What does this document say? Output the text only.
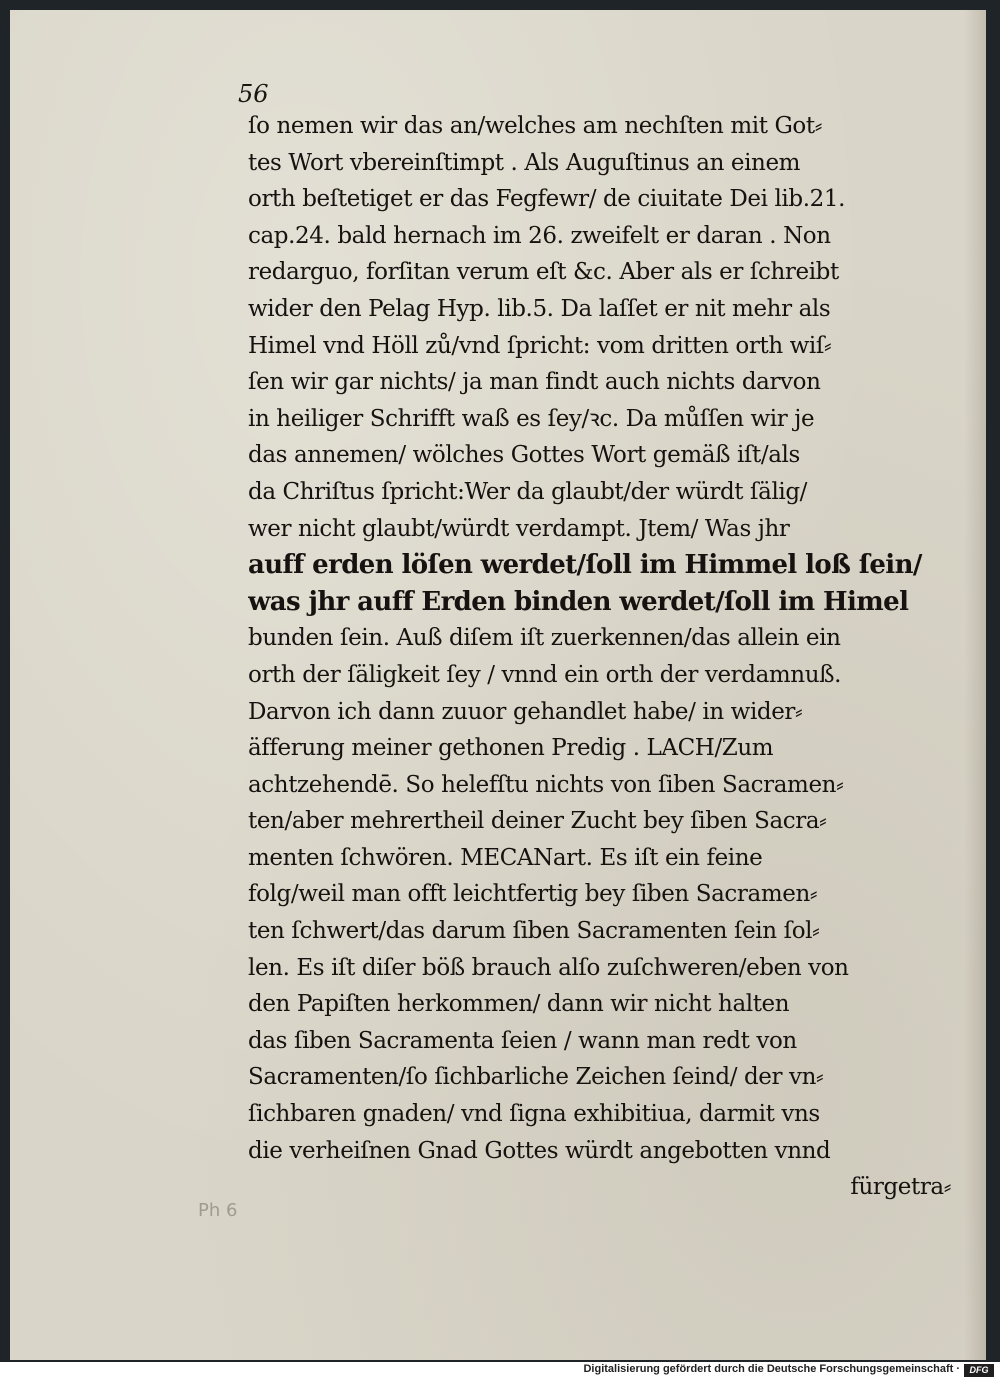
56
ſo nemen wir das an/welches am nechſten mit Got⸗
tes Wort vbereinſtimpt . Als Auguſtinus an einem
orth beſtetiget er das Fegfewr/ de ciuitate Dei lib.21.
cap.24. bald hernach im 26. zweifelt er daran . Non
redarguo, forſitan verum eſt &c. Aber als er ſchreibt
wider den Pelag Hyp. lib.5. Da laſſet er nit mehr als
Himel vnd Höll zů/vnd ſpricht: vom dritten orth wiſ⸗
ſen wir gar nichts/ ja man findt auch nichts darvon
in heiliger Schrifft waß es ſey/ꝛc. Da můſſen wir je
das annemen/ wölches Gottes Wort gemäß iſt/als
da Chriſtus ſpricht:Wer da glaubt/der würdt ſälig/
wer nicht glaubt/würdt verdampt. Jtem/ Was jhr
auff erden löſen werdet/ſoll im Himmel loß ſein/
was jhr auff Erden binden werdet/ſoll im Himel
bunden ſein. Auß diſem iſt zuerkennen/das allein ein
orth der ſäligkeit ſey / vnnd ein orth der verdamnuß.
Darvon ich dann zuuor gehandlet habe/ in wider⸗
äfferung meiner gethonen Predig . LACH/Zum
achtzehendē. So helefſtu nichts von ſiben Sacramen⸗
ten/aber mehrertheil deiner Zucht bey ſiben Sacra⸗
menten ſchwören. MECANart. Es iſt ein feine
folg/weil man offt leichtfertig bey ſiben Sacramen⸗
ten ſchwert/das darum ſiben Sacramenten ſein ſol⸗
len. Es iſt diſer böß brauch alſo zuſchweren/eben von
den Papiſten herkommen/ dann wir nicht halten
das ſiben Sacramenta ſeien / wann man redt von
Sacramenten/ſo ſichbarliche Zeichen ſeind/ der vn⸗
ſichbaren gnaden/ vnd ſigna exhibitiua, darmit vns
die verheiſnen Gnad Gottes würdt angebotten vnnd
fürgetra⸗
Ph 6
Digitalisierung gefördert durch die Deutsche Forschungsgemeinschaft ·	DFG
